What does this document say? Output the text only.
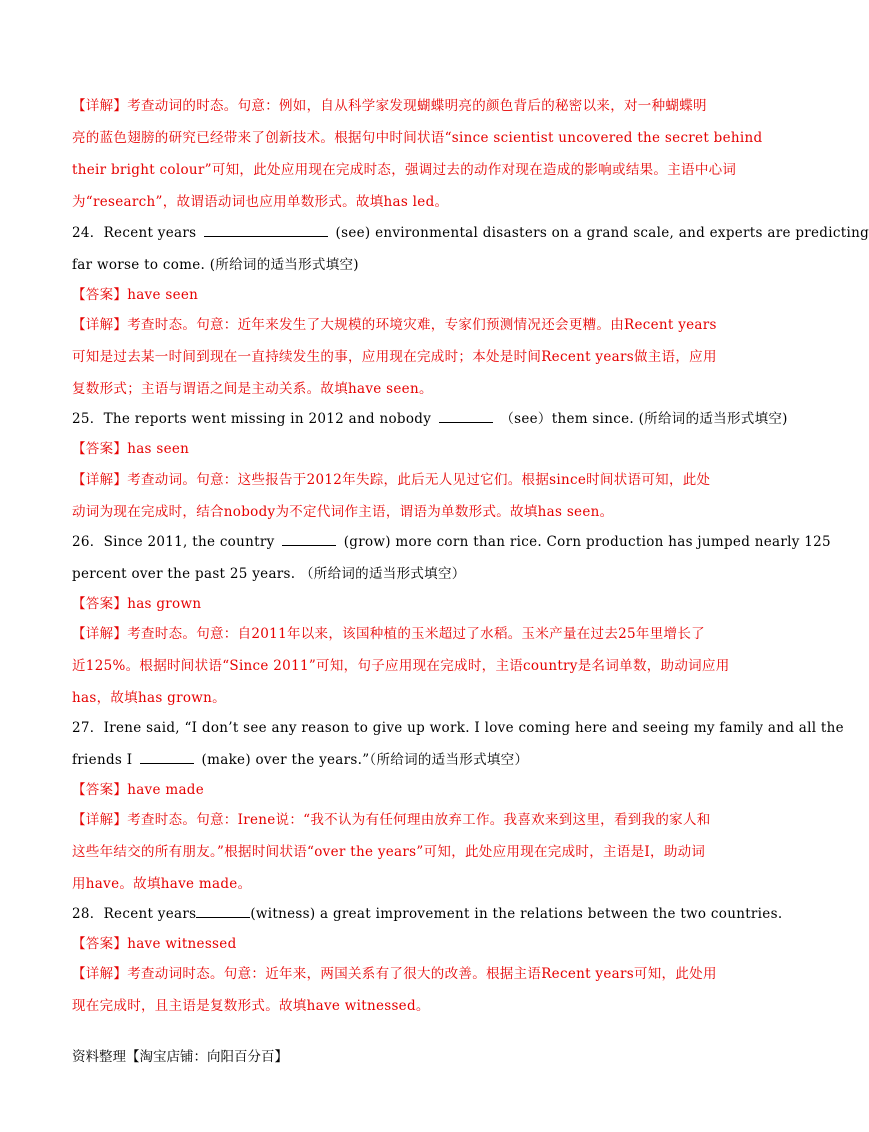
【详解】考查动词的时态。句意：例如，自从科学家发现蝴蝶明亮的颜色背后的秘密以来，对一种蝴蝶明
亮的蓝色翅膀的研究已经带来了创新技术。根据句中时间状语“since scientist uncovered the secret behind
their bright colour”可知，此处应用现在完成时态，强调过去的动作对现在造成的影响或结果。主语中心词
为“research”，故谓语动词也应用单数形式。故填has led。
24．Recent years	(see) environmental disasters on a grand scale, and experts are predicting
far worse to come. (所给词的适当形式填空)
【答案】have seen
【详解】考查时态。句意：近年来发生了大规模的环境灾难，专家们预测情况还会更糟。由Recent years
可知是过去某一时间到现在一直持续发生的事，应用现在完成时；本处是时间Recent years做主语，应用
复数形式；主语与谓语之间是主动关系。故填have seen。
25．The reports went missing in 2012 and nobody	（see）them since. (所给词的适当形式填空)
【答案】has seen
【详解】考查动词。句意：这些报告于2012年失踪，此后无人见过它们。根据since时间状语可知，此处
动词为现在完成时，结合nobody为不定代词作主语，谓语为单数形式。故填has seen。
26．Since 2011, the country	(grow) more corn than rice. Corn production has jumped nearly 125
percent over the past 25 years. （所给词的适当形式填空）
【答案】has grown
【详解】考查时态。句意：自2011年以来，该国种植的玉米超过了水稻。玉米产量在过去25年里增长了
近125%。根据时间状语“Since 2011”可知，句子应用现在完成时，主语country是名词单数，助动词应用
has，故填has grown。
27．Irene said, “I don’t see any reason to give up work. I love coming here and seeing my family and all the
friends I	(make) over the years.”（所给词的适当形式填空）
【答案】have made
【详解】考查时态。句意：Irene说：“我不认为有任何理由放弃工作。我喜欢来到这里，看到我的家人和
这些年结交的所有朋友。”根据时间状语“over the years”可知，此处应用现在完成时，主语是I，助动词
用have。故填have made。
28．Recent years	(witness) a great improvement in the relations between the two countries.
【答案】have witnessed
【详解】考查动词时态。句意：近年来，两国关系有了很大的改善。根据主语Recent years可知，此处用
现在完成时，且主语是复数形式。故填have witnessed。
资料整理【淘宝店铺：向阳百分百】
